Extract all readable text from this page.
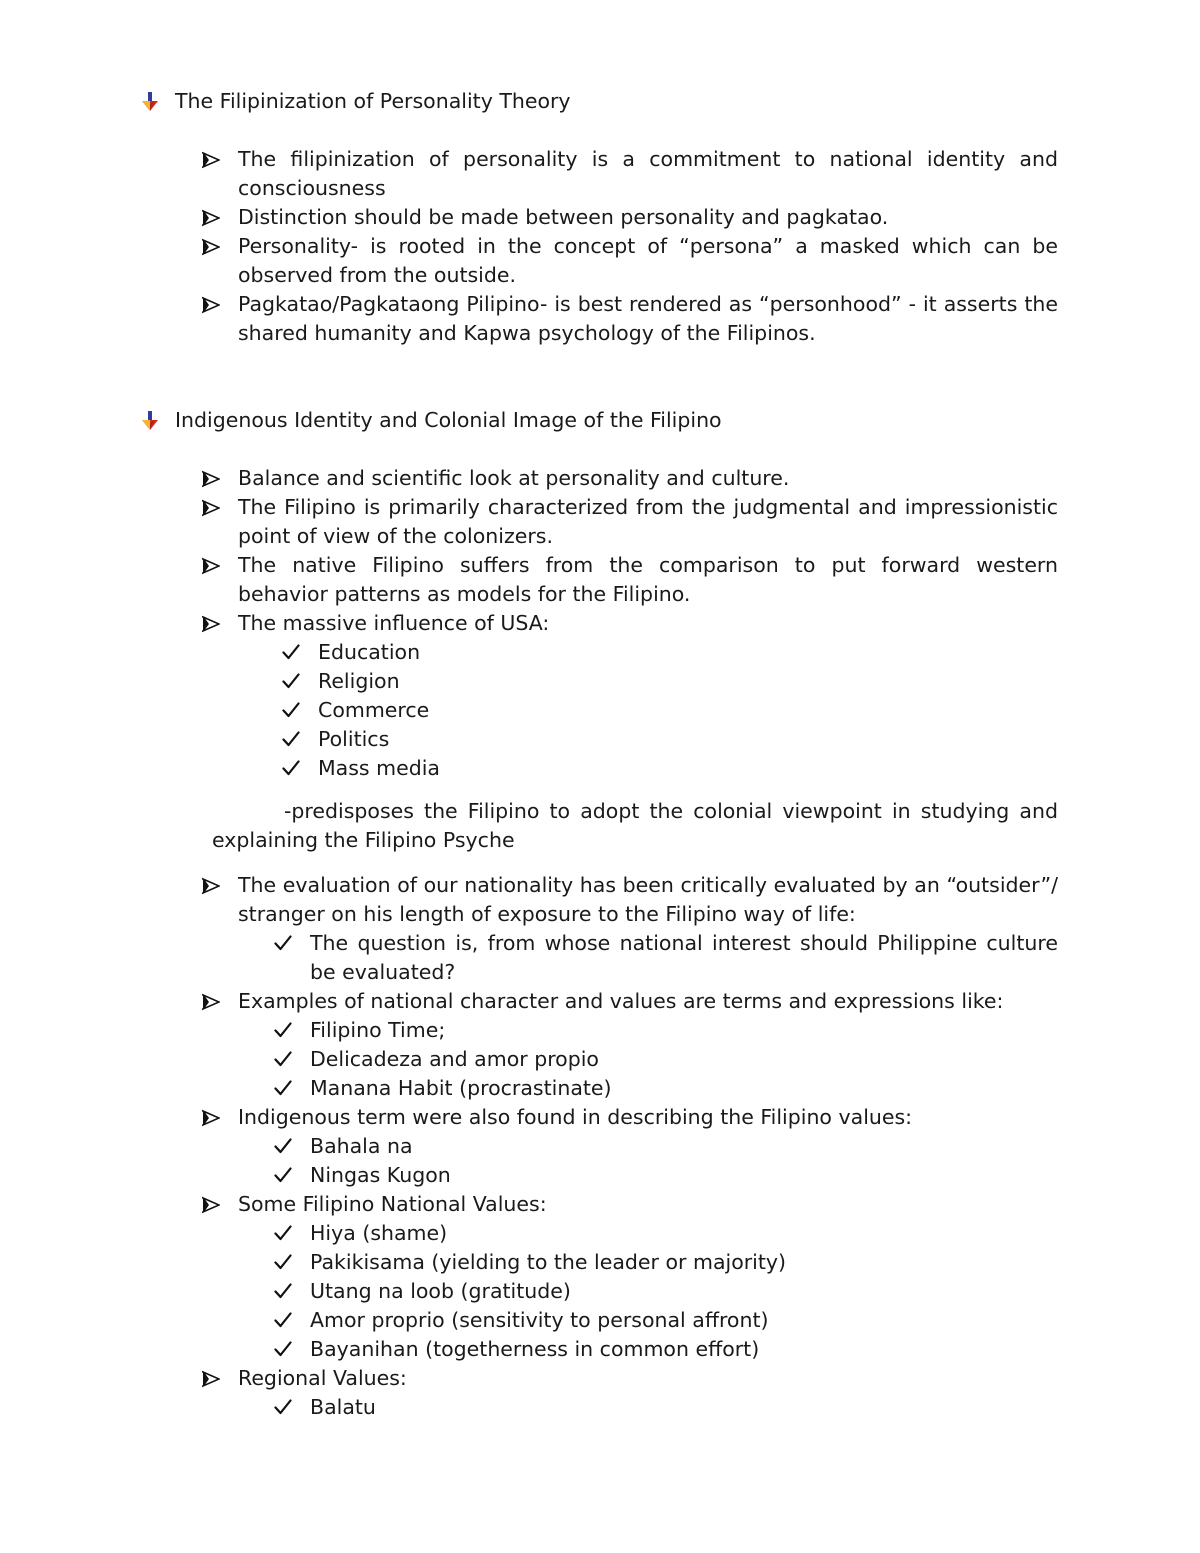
The Filipinization of Personality Theory
The filipinization of personality is a commitment to national identity and consciousness
Distinction should be made between personality and pagkatao.
Personality- is rooted in the concept of “persona” a masked which can be observed from the outside.
Pagkatao/Pagkataong Pilipino- is best rendered as “personhood” - it asserts the shared humanity and Kapwa psychology of the Filipinos.
Indigenous Identity and Colonial Image of the Filipino
Balance and scientific look at personality and culture.
The Filipino is primarily characterized from the judgmental and impressionistic point of view of the colonizers.
The native Filipino suffers from the comparison to put forward western behavior patterns as models for the Filipino.
The massive influence of USA:
Education
Religion
Commerce
Politics
Mass media
-predisposes the Filipino to adopt the colonial viewpoint in studying and explaining the Filipino Psyche
The evaluation of our nationality has been critically evaluated by an “outsider”/ stranger on his length of exposure to the Filipino way of life:
The question is, from whose national interest should Philippine culture be evaluated?
Examples of national character and values are terms and expressions like:
Filipino Time;
Delicadeza and amor propio
Manana Habit (procrastinate)
Indigenous term were also found in describing the Filipino values:
Bahala na
Ningas Kugon
Some Filipino National Values:
Hiya (shame)
Pakikisama (yielding to the leader or majority)
Utang na loob (gratitude)
Amor proprio (sensitivity to personal affront)
Bayanihan (togetherness in common effort)
Regional Values:
Balatu
